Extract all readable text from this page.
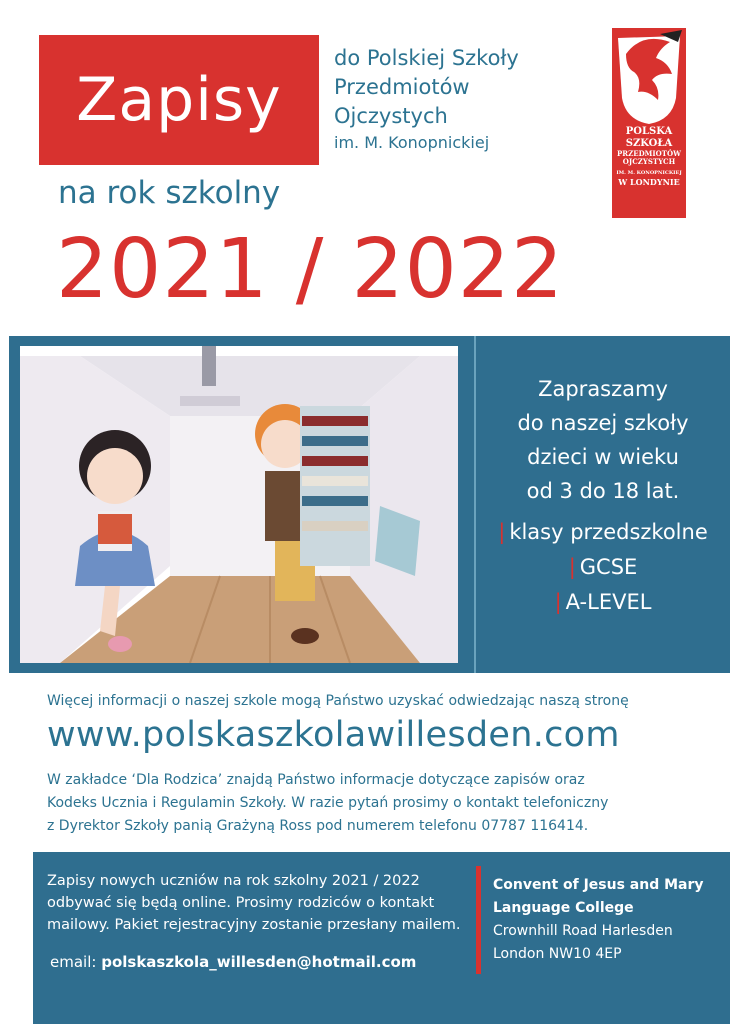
Zapisy
do Polskiej Szkoły
Przedmiotów
Ojczystych
im. M. Konopnickiej
POLSKA
SZKOŁA
PRZEDMIOTÓW
OJCZYSTYCH
IM. M. KONOPNICKIEJ
W LONDYNIE
na rok szkolny
2021 / 2022
Zapraszamy
do naszej szkoły
dzieci w wieku
od 3 do 18 lat.
| klasy przedszkolne
| GCSE
| A-LEVEL
Więcej informacji o naszej szkole mogą Państwo uzyskać odwiedzając naszą stronę
www.polskaszkolawillesden.com
W zakładce ‘Dla Rodzica’ znajdą Państwo informacje dotyczące zapisów oraz
Kodeks Ucznia i Regulamin Szkoły. W razie pytań prosimy o kontakt telefoniczny
z Dyrektor Szkoły panią Grażyną Ross pod numerem telefonu 07787 116414.
Zapisy nowych uczniów na rok szkolny 2021 / 2022
odbywać się będą online. Prosimy rodziców o kontakt
mailowy. Pakiet rejestracyjny zostanie przesłany mailem.
email: polskaszkola_willesden@hotmail.com
Convent of Jesus and Mary
Language College
Crownhill Road Harlesden
London NW10 4EP
